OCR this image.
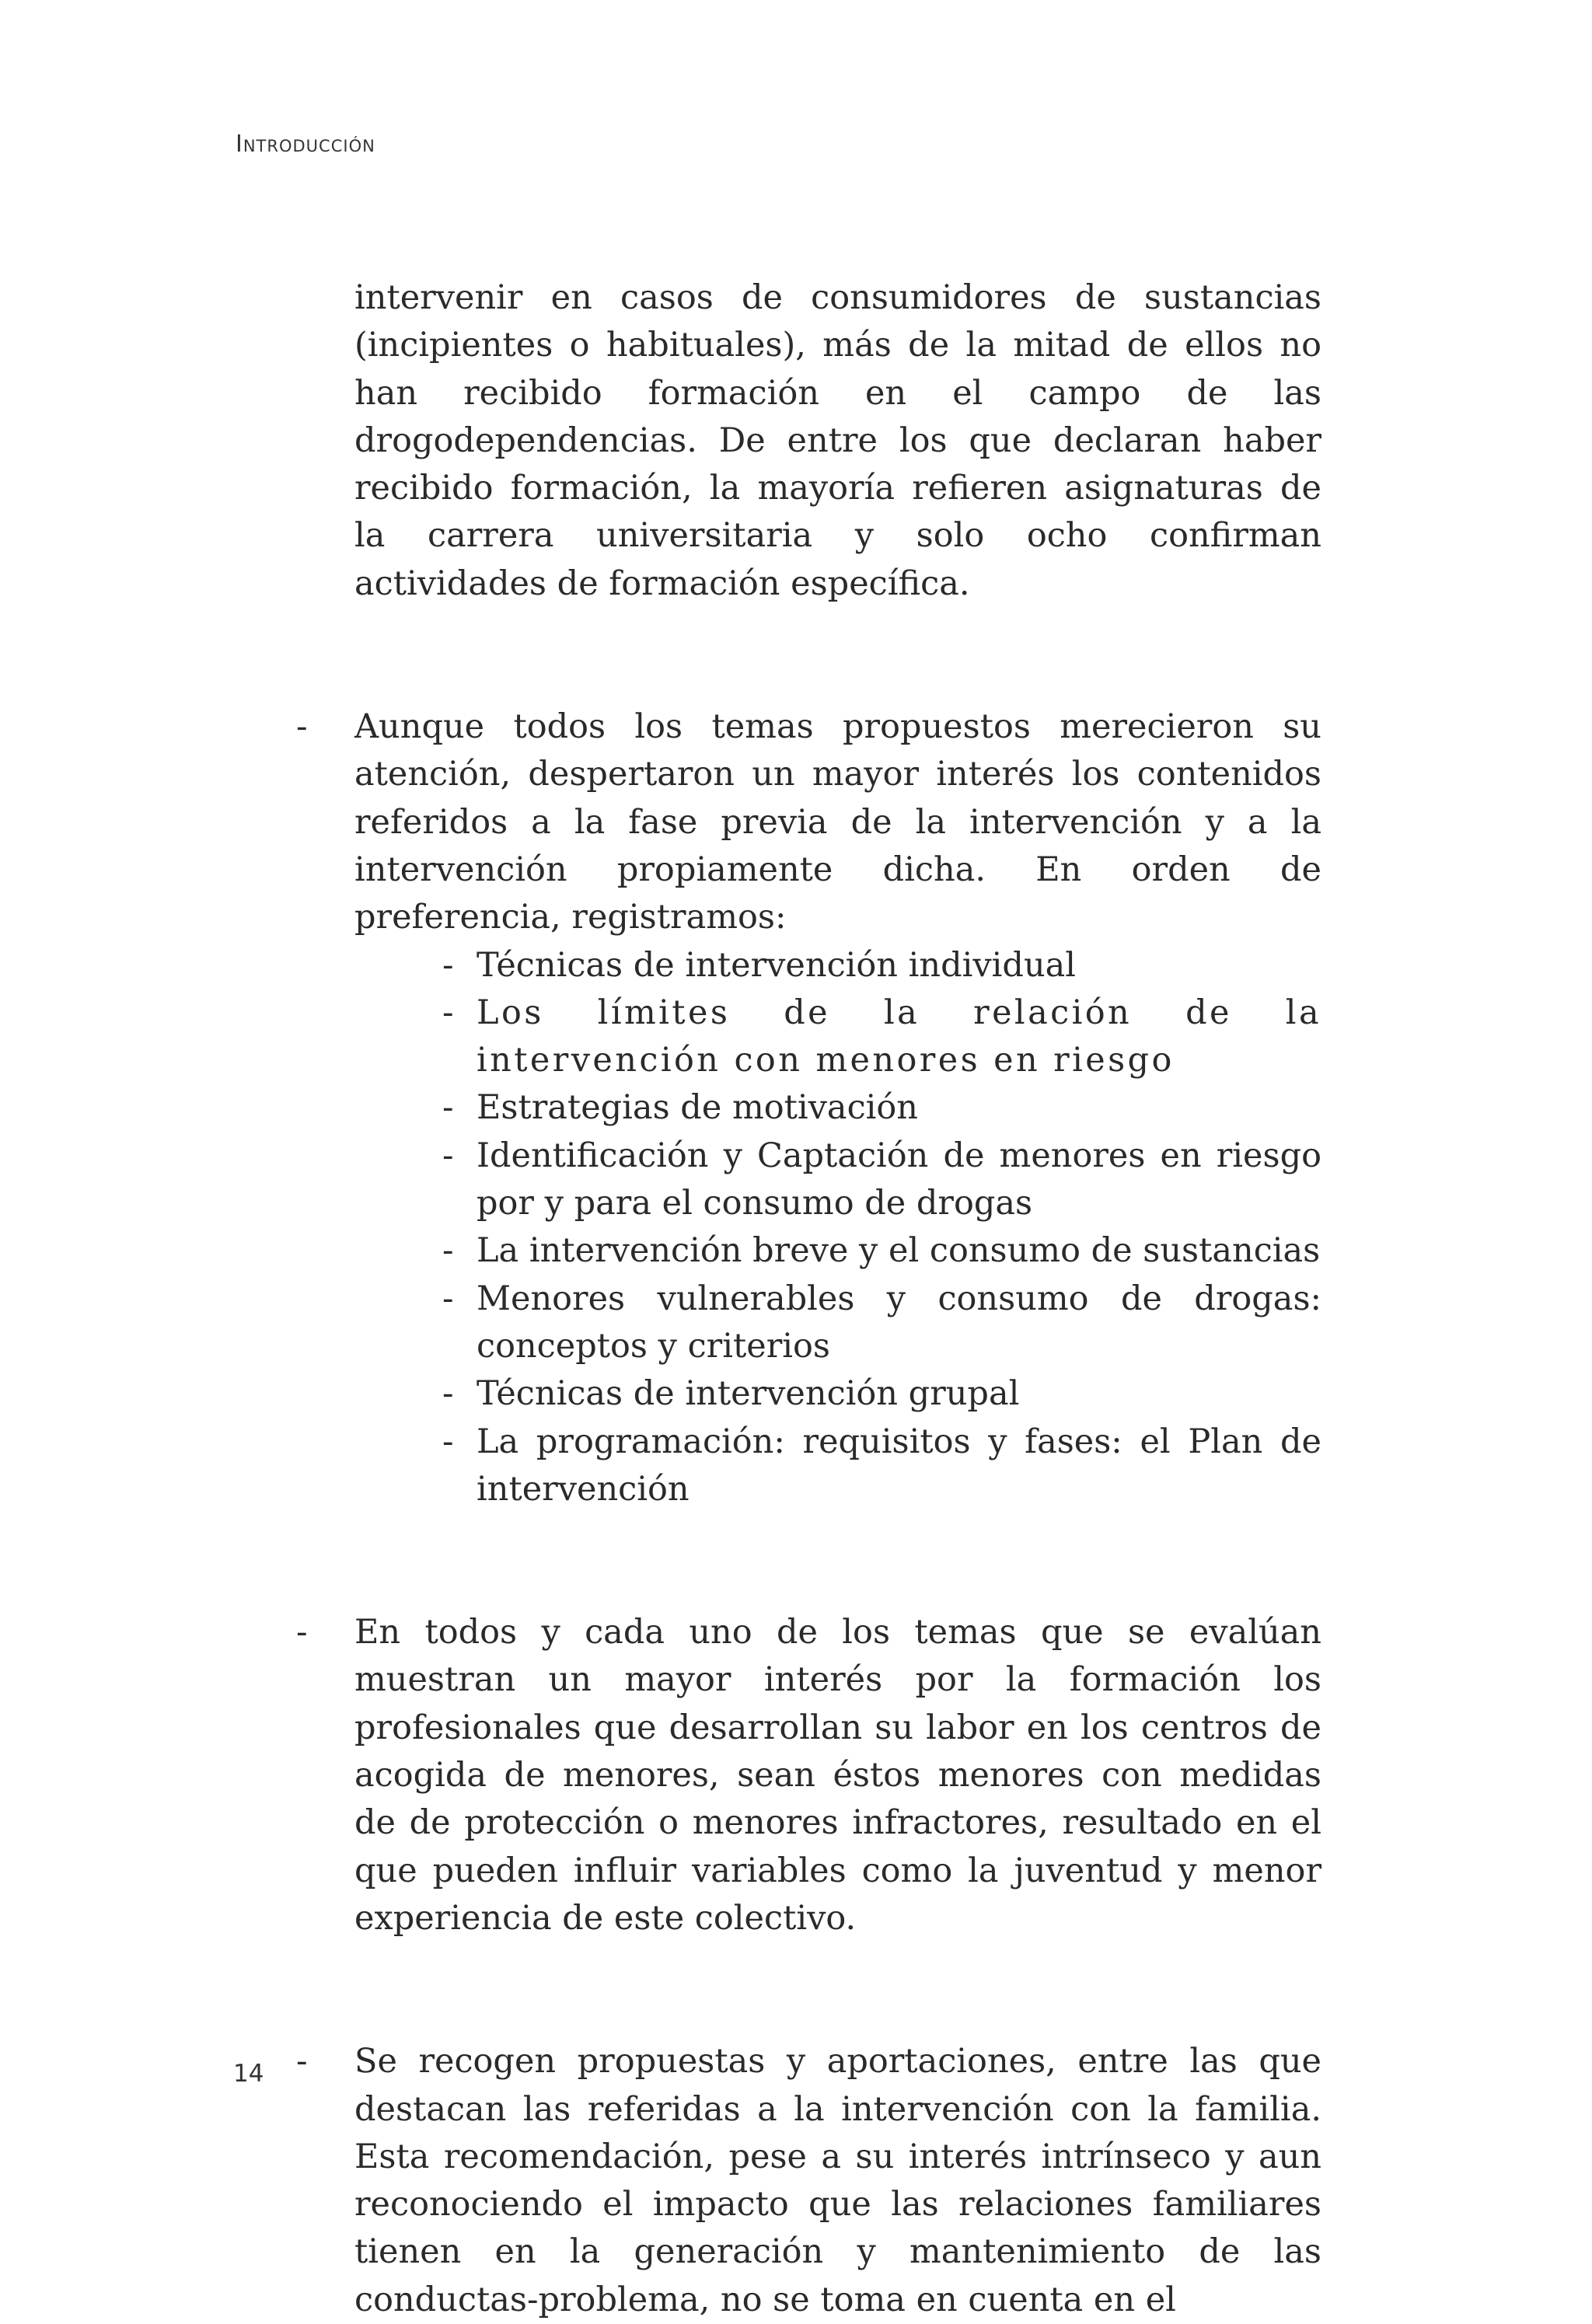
Introducción

intervenir en casos de consumidores de sustancias (incipientes o habituales), más de la mitad de ellos no han recibido formación en el campo de las drogodependencias. De entre los que declaran haber recibido formación, la mayoría refieren asignaturas de la carrera universitaria y solo ocho confirman actividades de formación específica.

- Aunque todos los temas propuestos merecieron su atención, despertaron un mayor interés los contenidos referidos a la fase previa de la intervención y a la intervención propiamente dicha. En orden de preferencia, registramos:

- Técnicas de intervención individual
- Los límites de la relación de la intervención con menores en riesgo
- Estrategias de motivación
- Identificación y Captación de menores en riesgo por y para el consumo de drogas
- La intervención breve y el consumo de sustancias
- Menores vulnerables y consumo de drogas: conceptos y criterios
- Técnicas de intervención grupal
- La programación: requisitos y fases: el Plan de intervención
- En todos y cada uno de los temas que se evalúan muestran un mayor interés por la formación los profesionales que desarrollan su labor en los centros de acogida de menores, sean éstos menores con medidas de de protección o menores infractores, resultado en el que pueden influir variables como la juventud y menor experiencia de este colectivo.

- Se recogen propuestas y aportaciones, entre las que destacan las referidas a la intervención con la familia. Esta recomendación, pese a su interés intrínseco y aun reconociendo el impacto que las relaciones familiares tienen en la generación y mantenimiento de las conductas-problema, no se toma en cuenta en el

14
